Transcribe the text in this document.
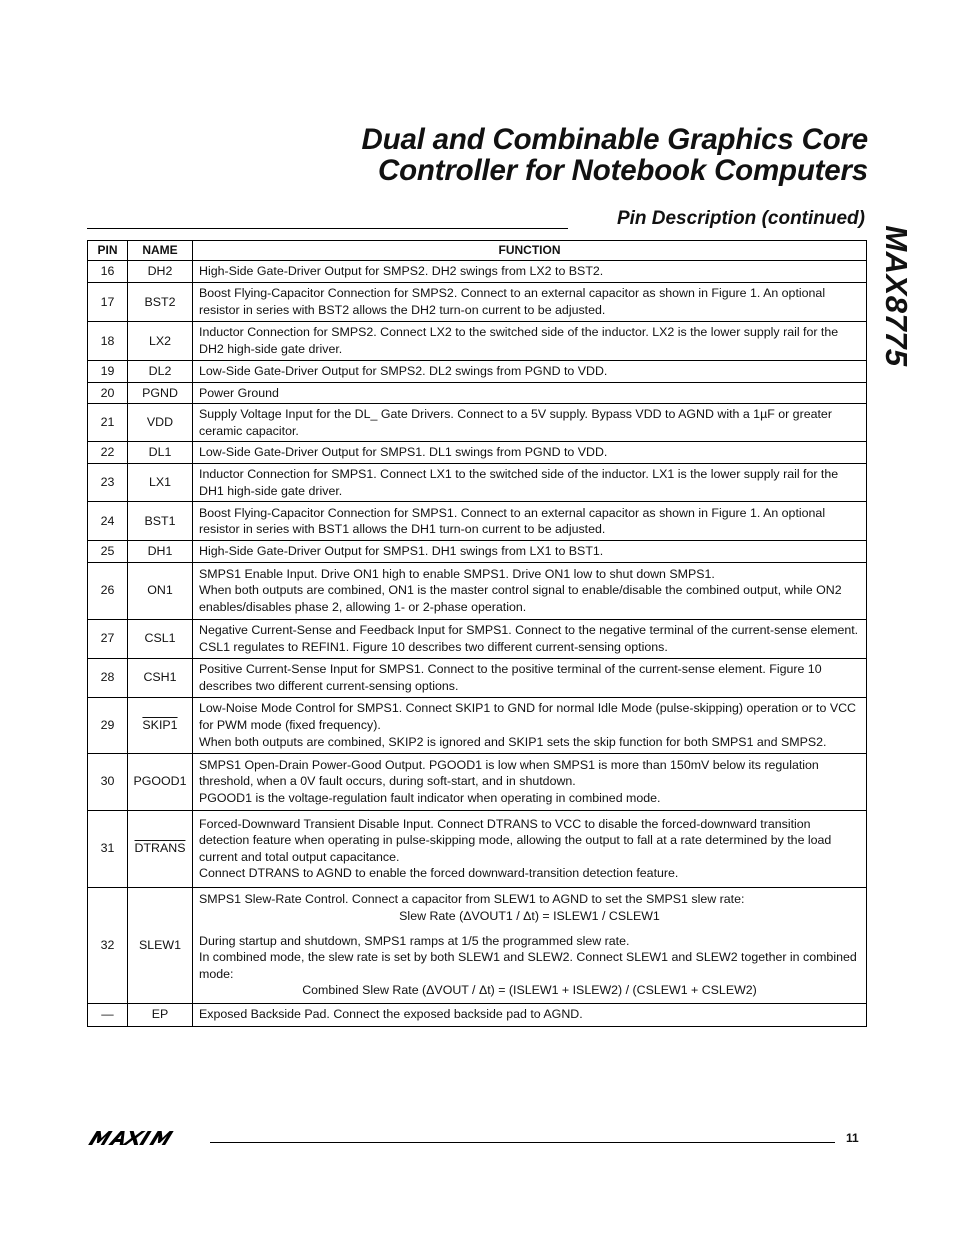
Dual and Combinable Graphics Core
Controller for Notebook Computers
MAX8775
Pin Description (continued)
PIN	NAME	FUNCTION
16	DH2	High-Side Gate-Driver Output for SMPS2. DH2 swings from LX2 to BST2.

17	BST2	Boost Flying-Capacitor Connection for SMPS2. Connect to an external capacitor as shown in Figure 1. An optional resistor in series with BST2 allows the DH2 turn-on current to be adjusted.

18	LX2	Inductor Connection for SMPS2. Connect LX2 to the switched side of the inductor. LX2 is the lower supply rail for the DH2 high-side gate driver.

19	DL2	Low-Side Gate-Driver Output for SMPS2. DL2 swings from PGND to VDD.

20	PGND	Power Ground

21	VDD	Supply Voltage Input for the DL_ Gate Drivers. Connect to a 5V supply. Bypass VDD to AGND with a 1µF or greater ceramic capacitor.

22	DL1	Low-Side Gate-Driver Output for SMPS1. DL1 swings from PGND to VDD.

23	LX1	Inductor Connection for SMPS1. Connect LX1 to the switched side of the inductor. LX1 is the lower supply rail for the DH1 high-side gate driver.

24	BST1	Boost Flying-Capacitor Connection for SMPS1. Connect to an external capacitor as shown in Figure 1. An optional resistor in series with BST1 allows the DH1 turn-on current to be adjusted.

25	DH1	High-Side Gate-Driver Output for SMPS1. DH1 swings from LX1 to BST1.

26	ON1	SMPS1 Enable Input. Drive ON1 high to enable SMPS1. Drive ON1 low to shut down SMPS1.
When both outputs are combined, ON1 is the master control signal to enable/disable the combined output, while ON2 enables/disables phase 2, allowing 1- or 2-phase operation.

27	CSL1	Negative Current-Sense and Feedback Input for SMPS1. Connect to the negative terminal of the current-sense element. CSL1 regulates to REFIN1. Figure 10 describes two different current-sensing options.

28	CSH1	Positive Current-Sense Input for SMPS1. Connect to the positive terminal of the current-sense element. Figure 10 describes two different current-sensing options.

29	SKIP1	Low-Noise Mode Control for SMPS1. Connect SKIP1 to GND for normal Idle Mode (pulse-skipping) operation or to VCC for PWM mode (fixed frequency).
When both outputs are combined, SKIP2 is ignored and SKIP1 sets the skip function for both SMPS1 and SMPS2.

30	PGOOD1	SMPS1 Open-Drain Power-Good Output. PGOOD1 is low when SMPS1 is more than 150mV below its regulation threshold, when a 0V fault occurs, during soft-start, and in shutdown.
PGOOD1 is the voltage-regulation fault indicator when operating in combined mode.

31	DTRANS	Forced-Downward Transient Disable Input. Connect DTRANS to VCC to disable the forced-downward transition detection feature when operating in pulse-skipping mode, allowing the output to fall at a rate determined by the load current and total output capacitance.
Connect DTRANS to AGND to enable the forced downward-transition detection feature.

32	SLEW1	SMPS1 Slew-Rate Control. Connect a capacitor from SLEW1 to AGND to set the SMPS1 slew rate:
Slew Rate (ΔVOUT1 / Δt) = ISLEW1 / CSLEW1
During startup and shutdown, SMPS1 ramps at 1/5 the programmed slew rate.
In combined mode, the slew rate is set by both SLEW1 and SLEW2. Connect SLEW1 and SLEW2 together in combined mode:
Combined Slew Rate (ΔVOUT / Δt) = (ISLEW1 + ISLEW2) / (CSLEW1 + CSLEW2)

—	EP	Exposed Backside Pad. Connect the exposed backside pad to AGND.
11
